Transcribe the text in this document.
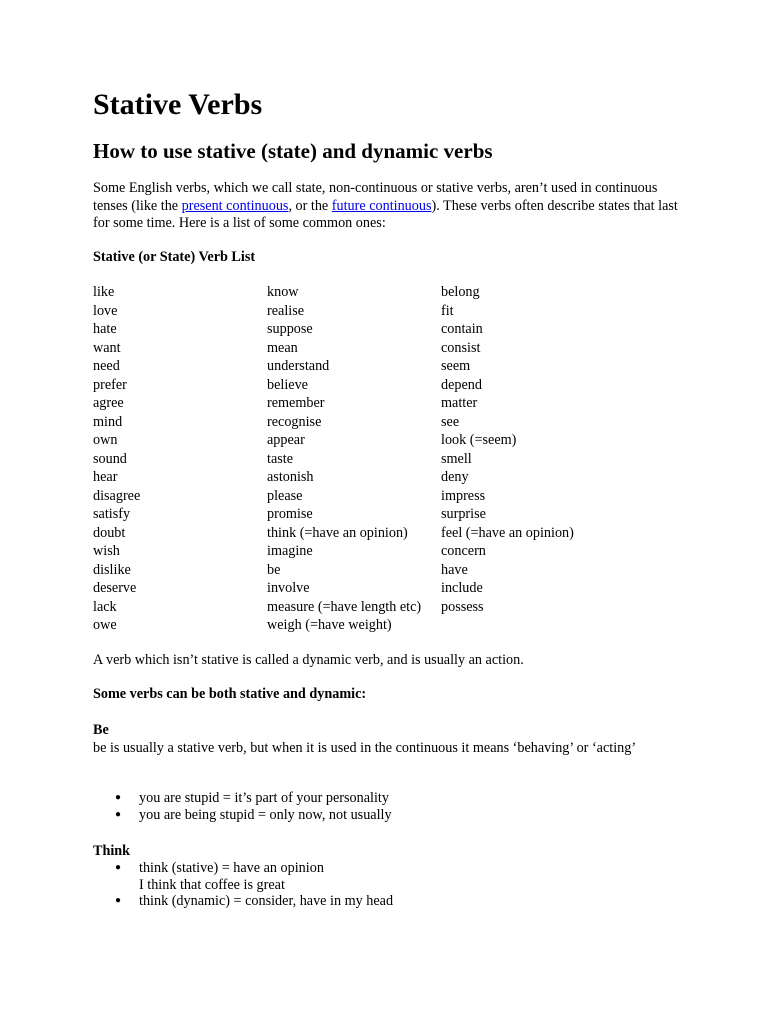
Stative Verbs
How to use stative (state) and dynamic verbs
Some English verbs, which we call state, non-continuous or stative verbs, aren’t used in continuous tenses (like the present continuous, or the future continuous). These verbs often describe states that last for some time. Here is a list of some common ones:
Stative (or State) Verb List
like	know	belong
love	realise	fit
hate	suppose	contain
want	mean	consist
need	understand	seem
prefer	believe	depend
agree	remember	matter
mind	recognise	see
own	appear	look (=seem)
sound	taste	smell
hear	astonish	deny
disagree	please	impress
satisfy	promise	surprise
doubt	think (=have an opinion)	feel (=have an opinion)
wish	imagine	concern
dislike	be	have
deserve	involve	include
lack	measure (=have length etc)	possess
owe	weigh (=have weight)	
A verb which isn’t stative is called a dynamic verb, and is usually an action.
Some verbs can be both stative and dynamic:
Be
be is usually a stative verb, but when it is used in the continuous it means ‘behaving’ or ‘acting’
● you are stupid = it’s part of your personality
● you are being stupid = only now, not usually
Think
● think (stative) = have an opinion
I think that coffee is great
● think (dynamic) = consider, have in my head
